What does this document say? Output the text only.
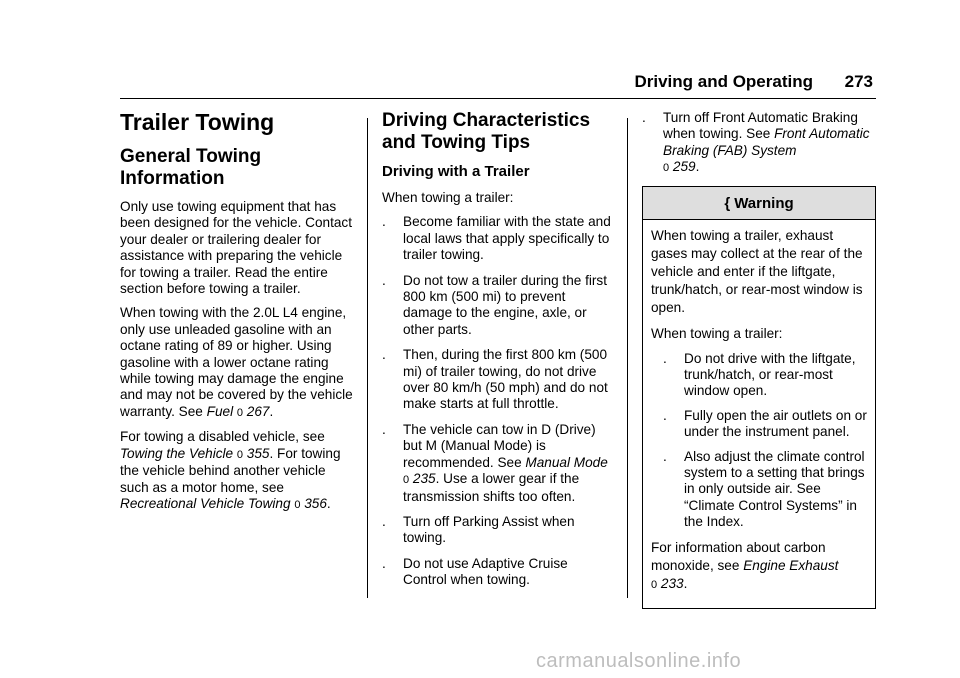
Driving and Operating 273
Trailer Towing
General Towing Information

Only use towing equipment that has been designed for the vehicle. Contact your dealer or trailering dealer for assistance with preparing the vehicle for towing a trailer. Read the entire section before towing a trailer.

When towing with the 2.0L L4 engine, only use unleaded gasoline with an octane rating of 89 or higher. Using gasoline with a lower octane rating while towing may damage the engine and may not be covered by the vehicle warranty. See Fuel 0 267.

For towing a disabled vehicle, see Towing the Vehicle 0 355. For towing the vehicle behind another vehicle such as a motor home, see Recreational Vehicle Towing 0 356.

Driving Characteristics and Towing Tips
Driving with a Trailer

When towing a trailer:

. Become familiar with the state and local laws that apply specifically to trailer towing.
. Do not tow a trailer during the first 800 km (500 mi) to prevent damage to the engine, axle, or other parts.
. Then, during the first 800 km (500 mi) of trailer towing, do not drive over 80 km/h (50 mph) and do not make starts at full throttle.
. The vehicle can tow in D (Drive) but M (Manual Mode) is recommended. See Manual Mode 0 235. Use a lower gear if the transmission shifts too often.
. Turn off Parking Assist when towing.
. Do not use Adaptive Cruise Control when towing.
. Turn off Front Automatic Braking when towing. See Front Automatic Braking (FAB) System
0 259.
{ Warning

When towing a trailer, exhaust gases may collect at the rear of the vehicle and enter if the liftgate, trunk/hatch, or rear-most window is open.

When towing a trailer:

. Do not drive with the liftgate, trunk/hatch, or rear-most window open.
. Fully open the air outlets on or under the instrument panel.
. Also adjust the climate control system to a setting that brings in only outside air. See “Climate Control Systems” in the Index.

For information about carbon monoxide, see Engine Exhaust
0 233.

carmanualsonline.info
